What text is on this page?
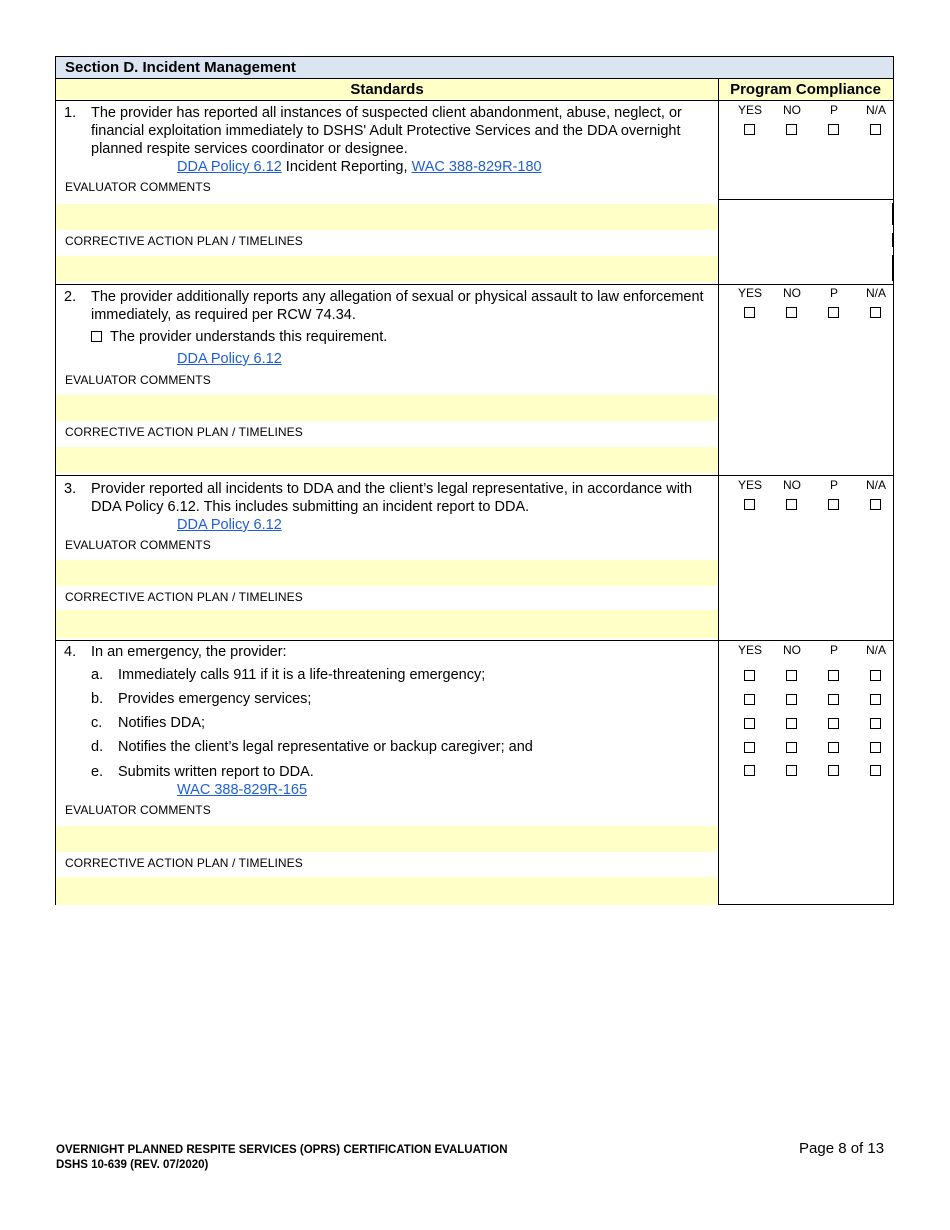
Section D. Incident Management
Standards	Program Compliance
1.	The provider has reported all instances of suspected client abandonment, abuse, neglect, or financial exploitation immediately to DSHS' Adult Protective Services and the DDA overnight planned respite services coordinator or designee.
DDA Policy 6.12 Incident Reporting, WAC 388-829R-180
EVALUATOR COMMENTS
CORRECTIVE ACTION PLAN / TIMELINES
YES	NO	P	N/A
2.	The provider additionally reports any allegation of sexual or physical assault to law enforcement immediately, as required per RCW 74.34.
The provider understands this requirement.
DDA Policy 6.12
EVALUATOR COMMENTS
CORRECTIVE ACTION PLAN / TIMELINES
YES	NO	P	N/A
3.	Provider reported all incidents to DDA and the client’s legal representative, in accordance with DDA Policy 6.12. This includes submitting an incident report to DDA.
DDA Policy 6.12
EVALUATOR COMMENTS
CORRECTIVE ACTION PLAN / TIMELINES
YES	NO	P	N/A
4.	In an emergency, the provider:
a. Immediately calls 911 if it is a life-threatening emergency;
b. Provides emergency services;
c. Notifies DDA;
d. Notifies the client’s legal representative or backup caregiver; and
e. Submits written report to DDA.
WAC 388-829R-165
EVALUATOR COMMENTS
CORRECTIVE ACTION PLAN / TIMELINES
YES	NO	P	N/A
OVERNIGHT PLANNED RESPITE SERVICES (OPRS) CERTIFICATION EVALUATION
DSHS 10-639 (REV. 07/2020)
Page 8 of 13
